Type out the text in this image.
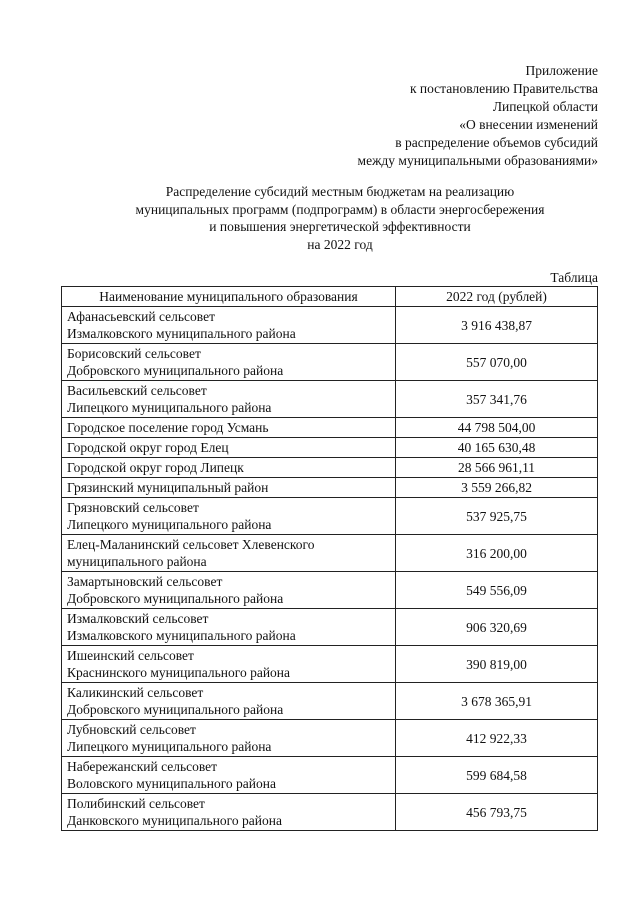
Приложение
к постановлению Правительства
Липецкой области
«О внесении изменений
в распределение объемов субсидий
между муниципальными образованиями»
Распределение субсидий местным бюджетам на реализацию
муниципальных программ (подпрограмм) в области энергосбережения
и повышения энергетической эффективности
на 2022 год
Таблица
Наименование муниципального образования	2022 год (рублей)

Афанасьевский сельсовет
Измалковского муниципального района	3 916 438,87

Борисовский сельсовет
Добровского муниципального района	557 070,00

Васильевский сельсовет
Липецкого муниципального района	357 341,76

Городское поселение город Усмань	44 798 504,00

Городской округ город Елец	40 165 630,48

Городской округ город Липецк	28 566 961,11

Грязинский муниципальный район	3 559 266,82

Грязновский сельсовет
Липецкого муниципального района	537 925,75

Елец-Маланинский сельсовет Хлевенского
муниципального района	316 200,00

Замартыновский сельсовет
Добровского муниципального района	549 556,09

Измалковский сельсовет
Измалковского муниципального района	906 320,69

Ишеинский сельсовет
Краснинского муниципального района	390 819,00

Каликинский сельсовет
Добровского муниципального района	3 678 365,91

Лубновский сельсовет
Липецкого муниципального района	412 922,33

Набережанский сельсовет
Воловского муниципального района	599 684,58

Полибинский сельсовет
Данковского муниципального района	456 793,75
